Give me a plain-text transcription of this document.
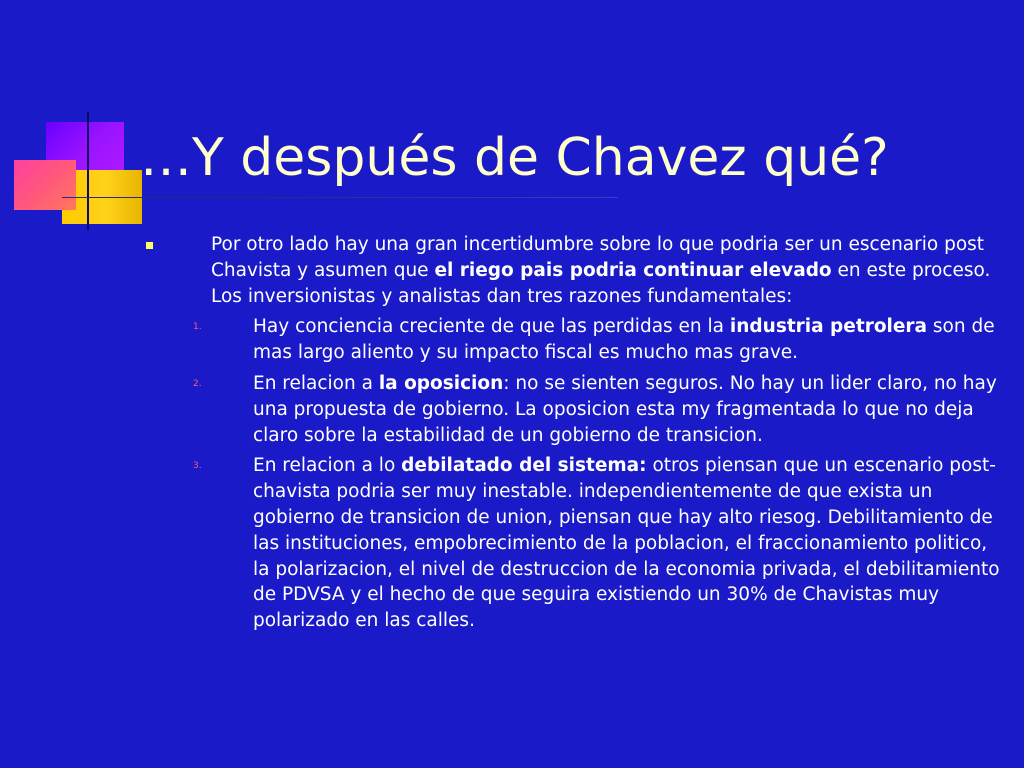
…Y después de Chavez qué?
Por otro lado hay una gran incertidumbre sobre lo que podria ser un escenario post Chavista y asumen que el riego pais podria continuar elevado en este proceso. Los inversionistas y analistas dan tres razones fundamentales:
1.	Hay conciencia creciente de que las perdidas en la industria petrolera son de mas largo aliento y su impacto fiscal es mucho mas grave.
2.	En relacion a la oposicion: no se sienten seguros. No hay un lider claro, no hay una propuesta de gobierno. La oposicion esta my fragmentada lo que no deja claro sobre la estabilidad de un gobierno de transicion.
3.	En relacion a lo debilatado del sistema: otros piensan que un escenario post-chavista podria ser muy inestable. independientemente de que exista un gobierno de transicion de union, piensan que hay alto riesog. Debilitamiento de las instituciones, empobrecimiento de la poblacion, el fraccionamiento politico, la polarizacion, el nivel de destruccion de la economia privada, el debilitamiento de PDVSA y el hecho de que seguira existiendo un 30% de Chavistas muy polarizado en las calles.
